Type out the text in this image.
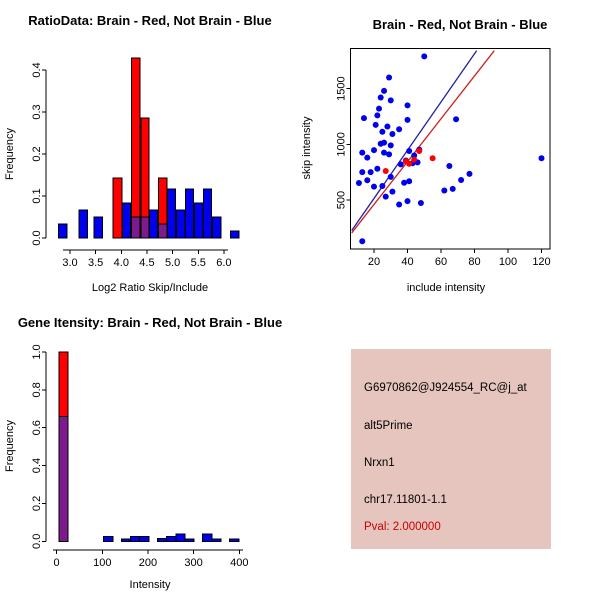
RatioData: Brain - Red, Not Brain - Blue
Frequency
Log2 Ratio Skip/Include
3.0 3.5 4.0 4.5 5.0 5.5 6.0
0.0
0.1
0.2
0.3
0.4
Brain - Red, Not Brain - Blue
skip intensity
include intensity
20 40 60 80 100 120
500
1000
1500
Gene Itensity: Brain - Red, Not Brain - Blue
Frequency
Intensity
0	100 200 300 400
0.0
0.2
0.4
0.6
0.8
1.0
G6970862@J924554_RC@j_at
alt5Prime
Nrxn1
chr17.11801-1.1
Pval: 2.000000
